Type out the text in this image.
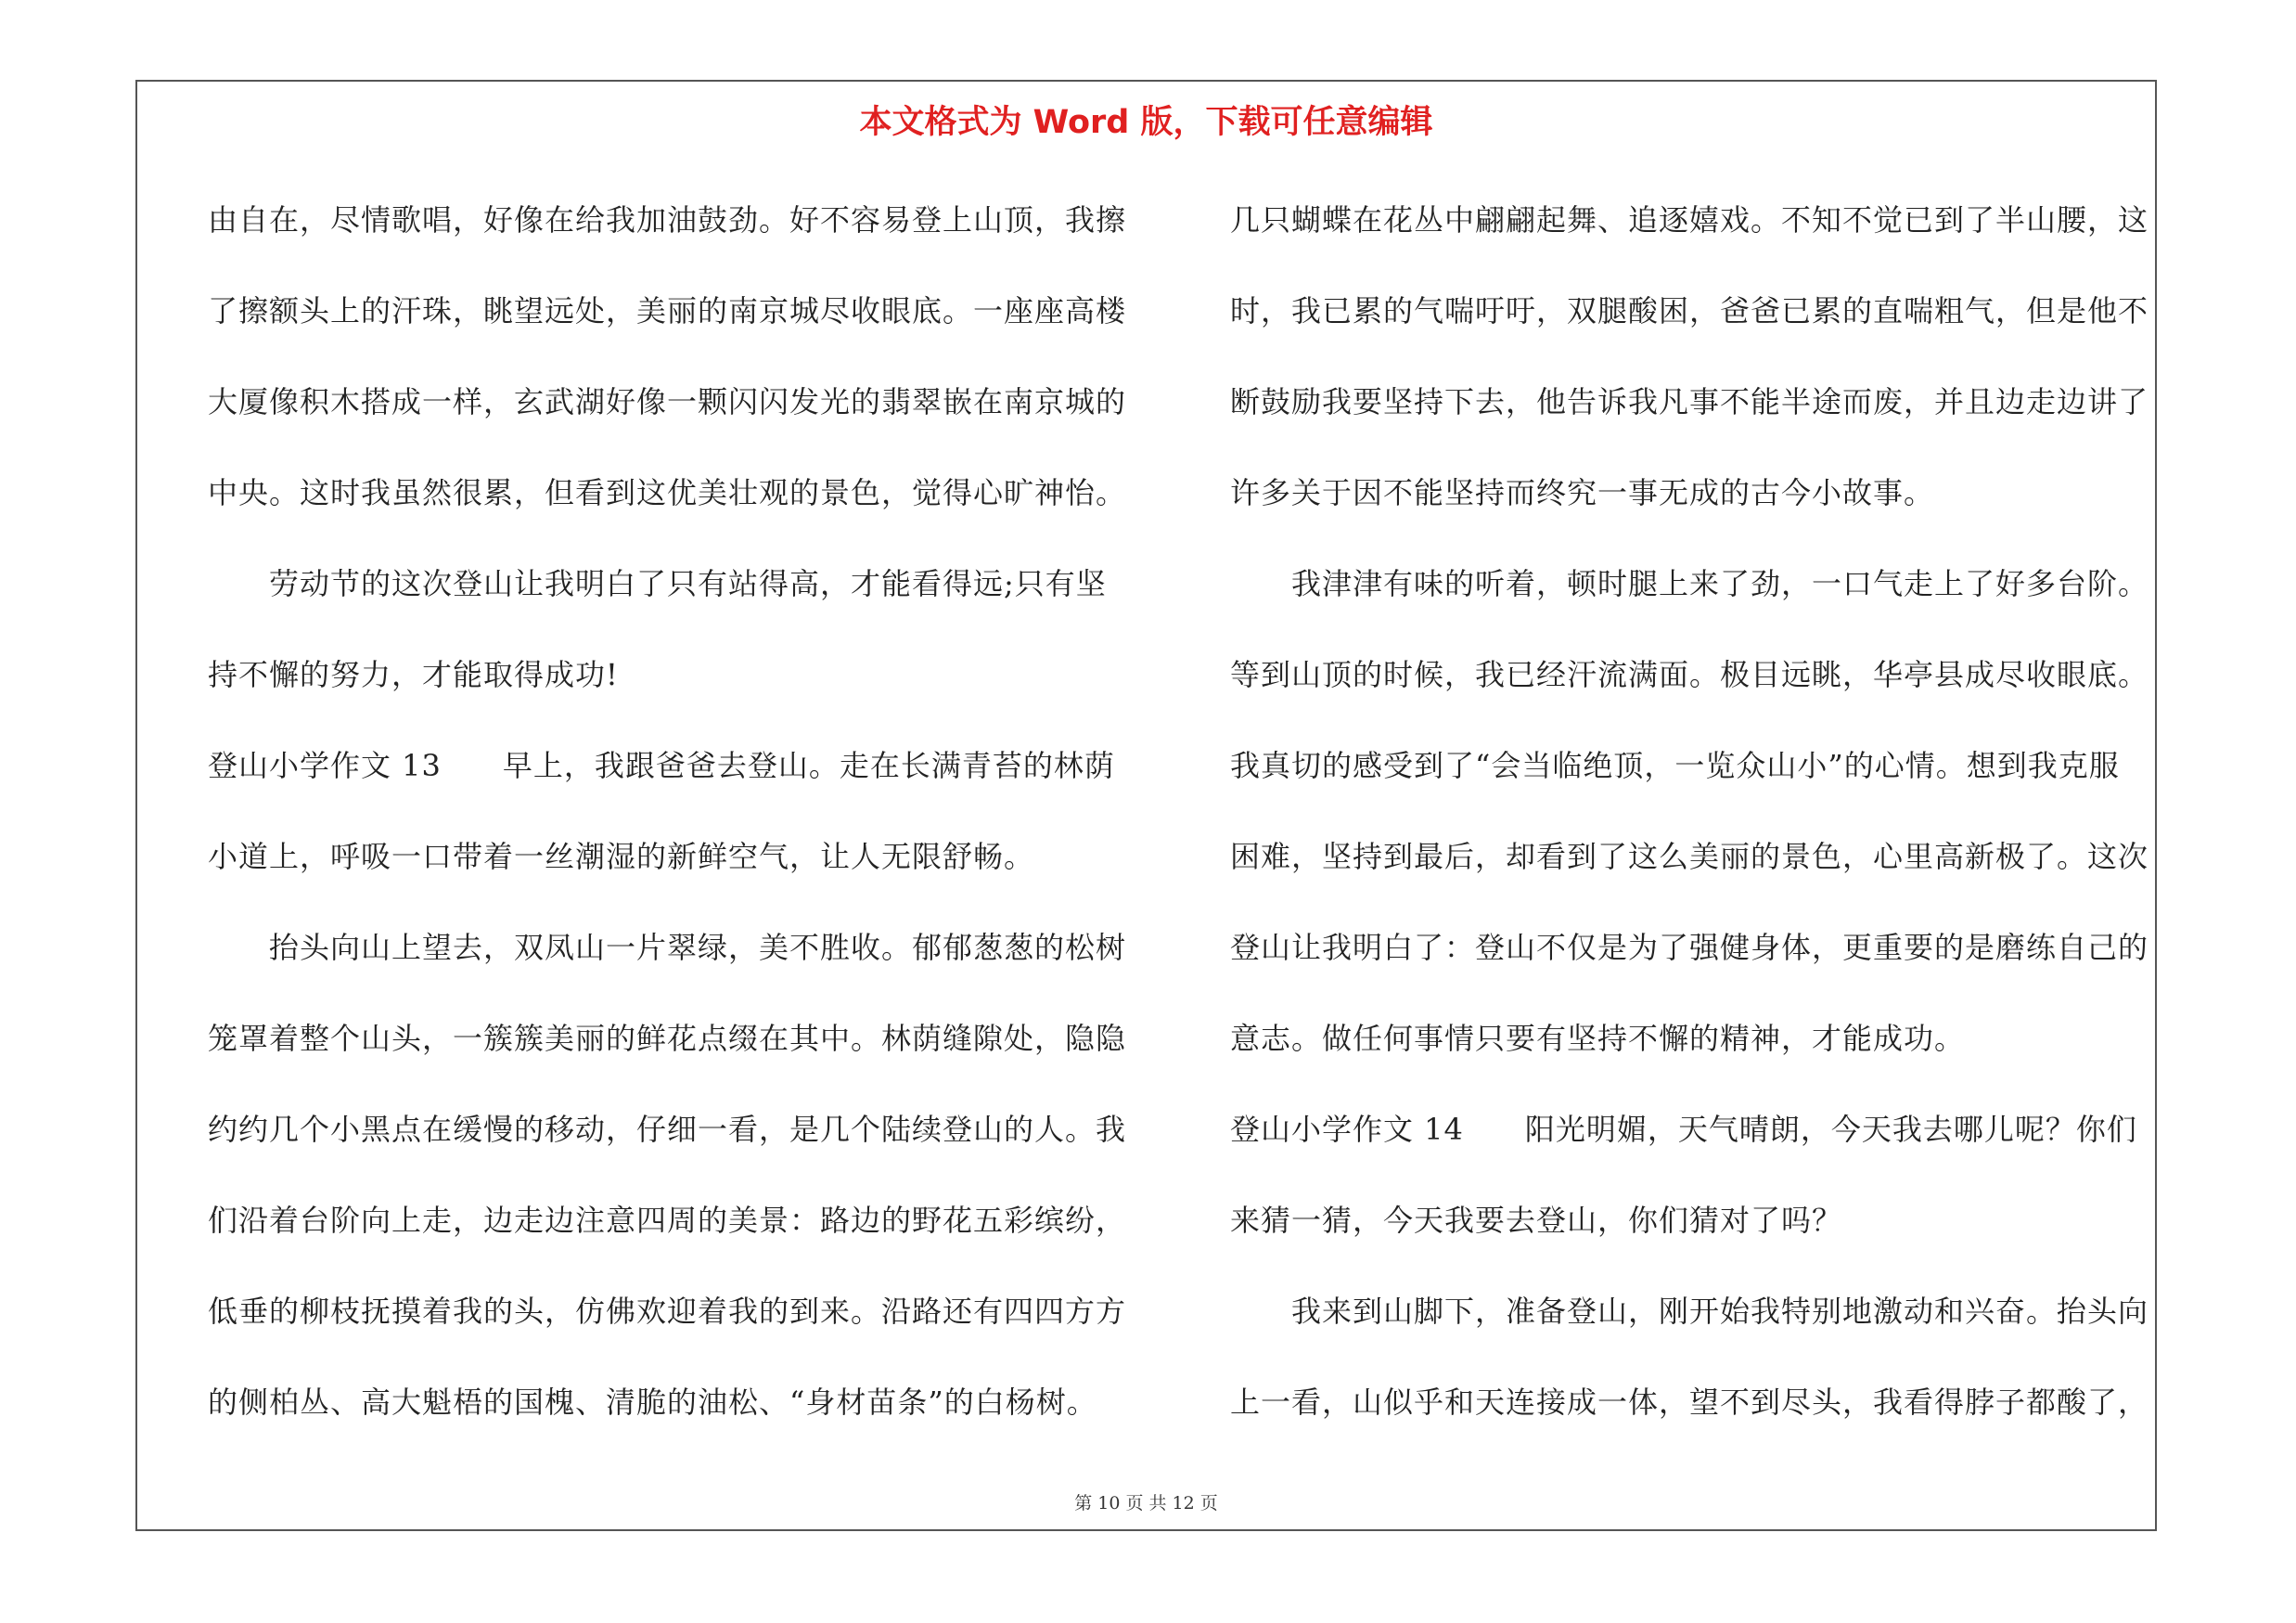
本文格式为 Word 版，下载可任意编辑
由自在，尽情歌唱，好像在给我加油鼓劲。好不容易登上山顶，我擦
了擦额头上的汗珠，眺望远处，美丽的南京城尽收眼底。一座座高楼
大厦像积木搭成一样，玄武湖好像一颗闪闪发光的翡翠嵌在南京城的
中央。这时我虽然很累，但看到这优美壮观的景色，觉得心旷神怡。
　　劳动节的这次登山让我明白了只有站得高，才能看得远;只有坚
持不懈的努力，才能取得成功!
登山小学作文 13　　早上，我跟爸爸去登山。走在长满青苔的林荫
小道上，呼吸一口带着一丝潮湿的新鲜空气，让人无限舒畅。
　　抬头向山上望去，双凤山一片翠绿，美不胜收。郁郁葱葱的松树
笼罩着整个山头，一簇簇美丽的鲜花点缀在其中。林荫缝隙处，隐隐
约约几个小黑点在缓慢的移动，仔细一看，是几个陆续登山的人。我
们沿着台阶向上走，边走边注意四周的美景：路边的野花五彩缤纷，
低垂的柳枝抚摸着我的头，仿佛欢迎着我的到来。沿路还有四四方方
的侧柏丛、高大魁梧的国槐、清脆的油松、“身材苗条”的白杨树。
几只蝴蝶在花丛中翩翩起舞、追逐嬉戏。不知不觉已到了半山腰，这
时，我已累的气喘吁吁，双腿酸困，爸爸已累的直喘粗气，但是他不
断鼓励我要坚持下去，他告诉我凡事不能半途而废，并且边走边讲了
许多关于因不能坚持而终究一事无成的古今小故事。
　　我津津有味的听着，顿时腿上来了劲，一口气走上了好多台阶。
等到山顶的时候，我已经汗流满面。极目远眺，华亭县成尽收眼底。
我真切的感受到了“会当临绝顶，一览众山小”的心情。想到我克服
困难，坚持到最后，却看到了这么美丽的景色，心里高新极了。这次
登山让我明白了：登山不仅是为了强健身体，更重要的是磨练自己的
意志。做任何事情只要有坚持不懈的精神，才能成功。
登山小学作文 14　　阳光明媚，天气晴朗，今天我去哪儿呢？你们
来猜一猜，今天我要去登山，你们猜对了吗？
　　我来到山脚下，准备登山，刚开始我特别地激动和兴奋。抬头向
上一看，山似乎和天连接成一体，望不到尽头，我看得脖子都酸了，
第 10 页 共 12 页
